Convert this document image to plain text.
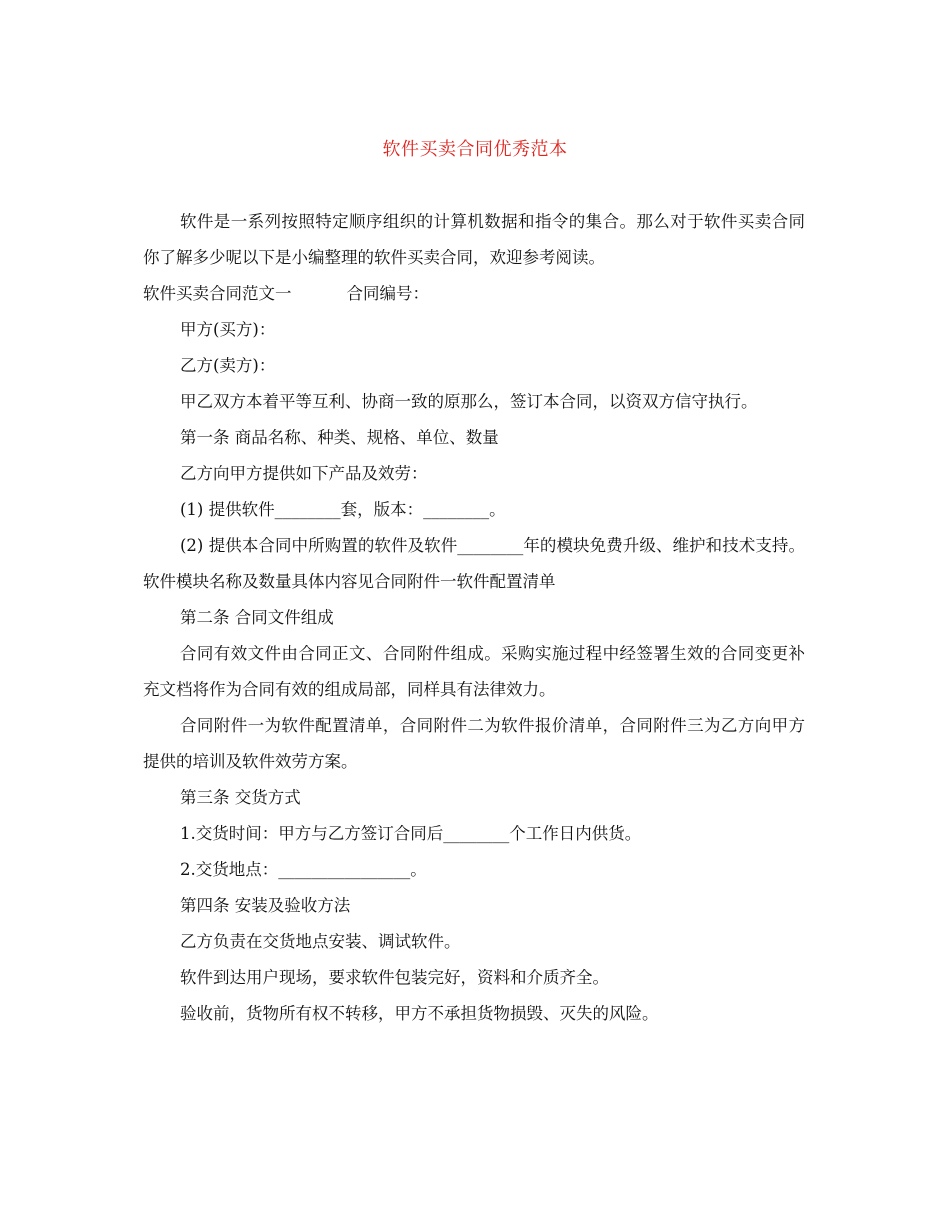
软件买卖合同优秀范本

软件是一系列按照特定顺序组织的计算机数据和指令的集合。那么对于软件买卖合同你了解多少呢以下是小编整理的软件买卖合同，欢迎参考阅读。

软件买卖合同范文一	合同编号：

甲方(买方)：

乙方(卖方)：

甲乙双方本着平等互利、协商一致的原那么，签订本合同，以资双方信守执行。

第一条 商品名称、种类、规格、单位、数量

乙方向甲方提供如下产品及效劳：

(1) 提供软件________套，版本：________。

(2) 提供本合同中所购置的软件及软件________年的模块免费升级、维护和技术支持。 软件模块名称及数量具体内容见合同附件一软件配置清单

第二条 合同文件组成

合同有效文件由合同正文、合同附件组成。采购实施过程中经签署生效的合同变更补充文档将作为合同有效的组成局部，同样具有法律效力。

合同附件一为软件配置清单，合同附件二为软件报价清单，合同附件三为乙方向甲方提供的培训及软件效劳方案。

第三条 交货方式

1.交货时间：甲方与乙方签订合同后________个工作日内供货。

2.交货地点：________________。

第四条 安装及验收方法

乙方负责在交货地点安装、调试软件。

软件到达用户现场，要求软件包装完好，资料和介质齐全。

验收前，货物所有权不转移，甲方不承担货物损毁、灭失的风险。
